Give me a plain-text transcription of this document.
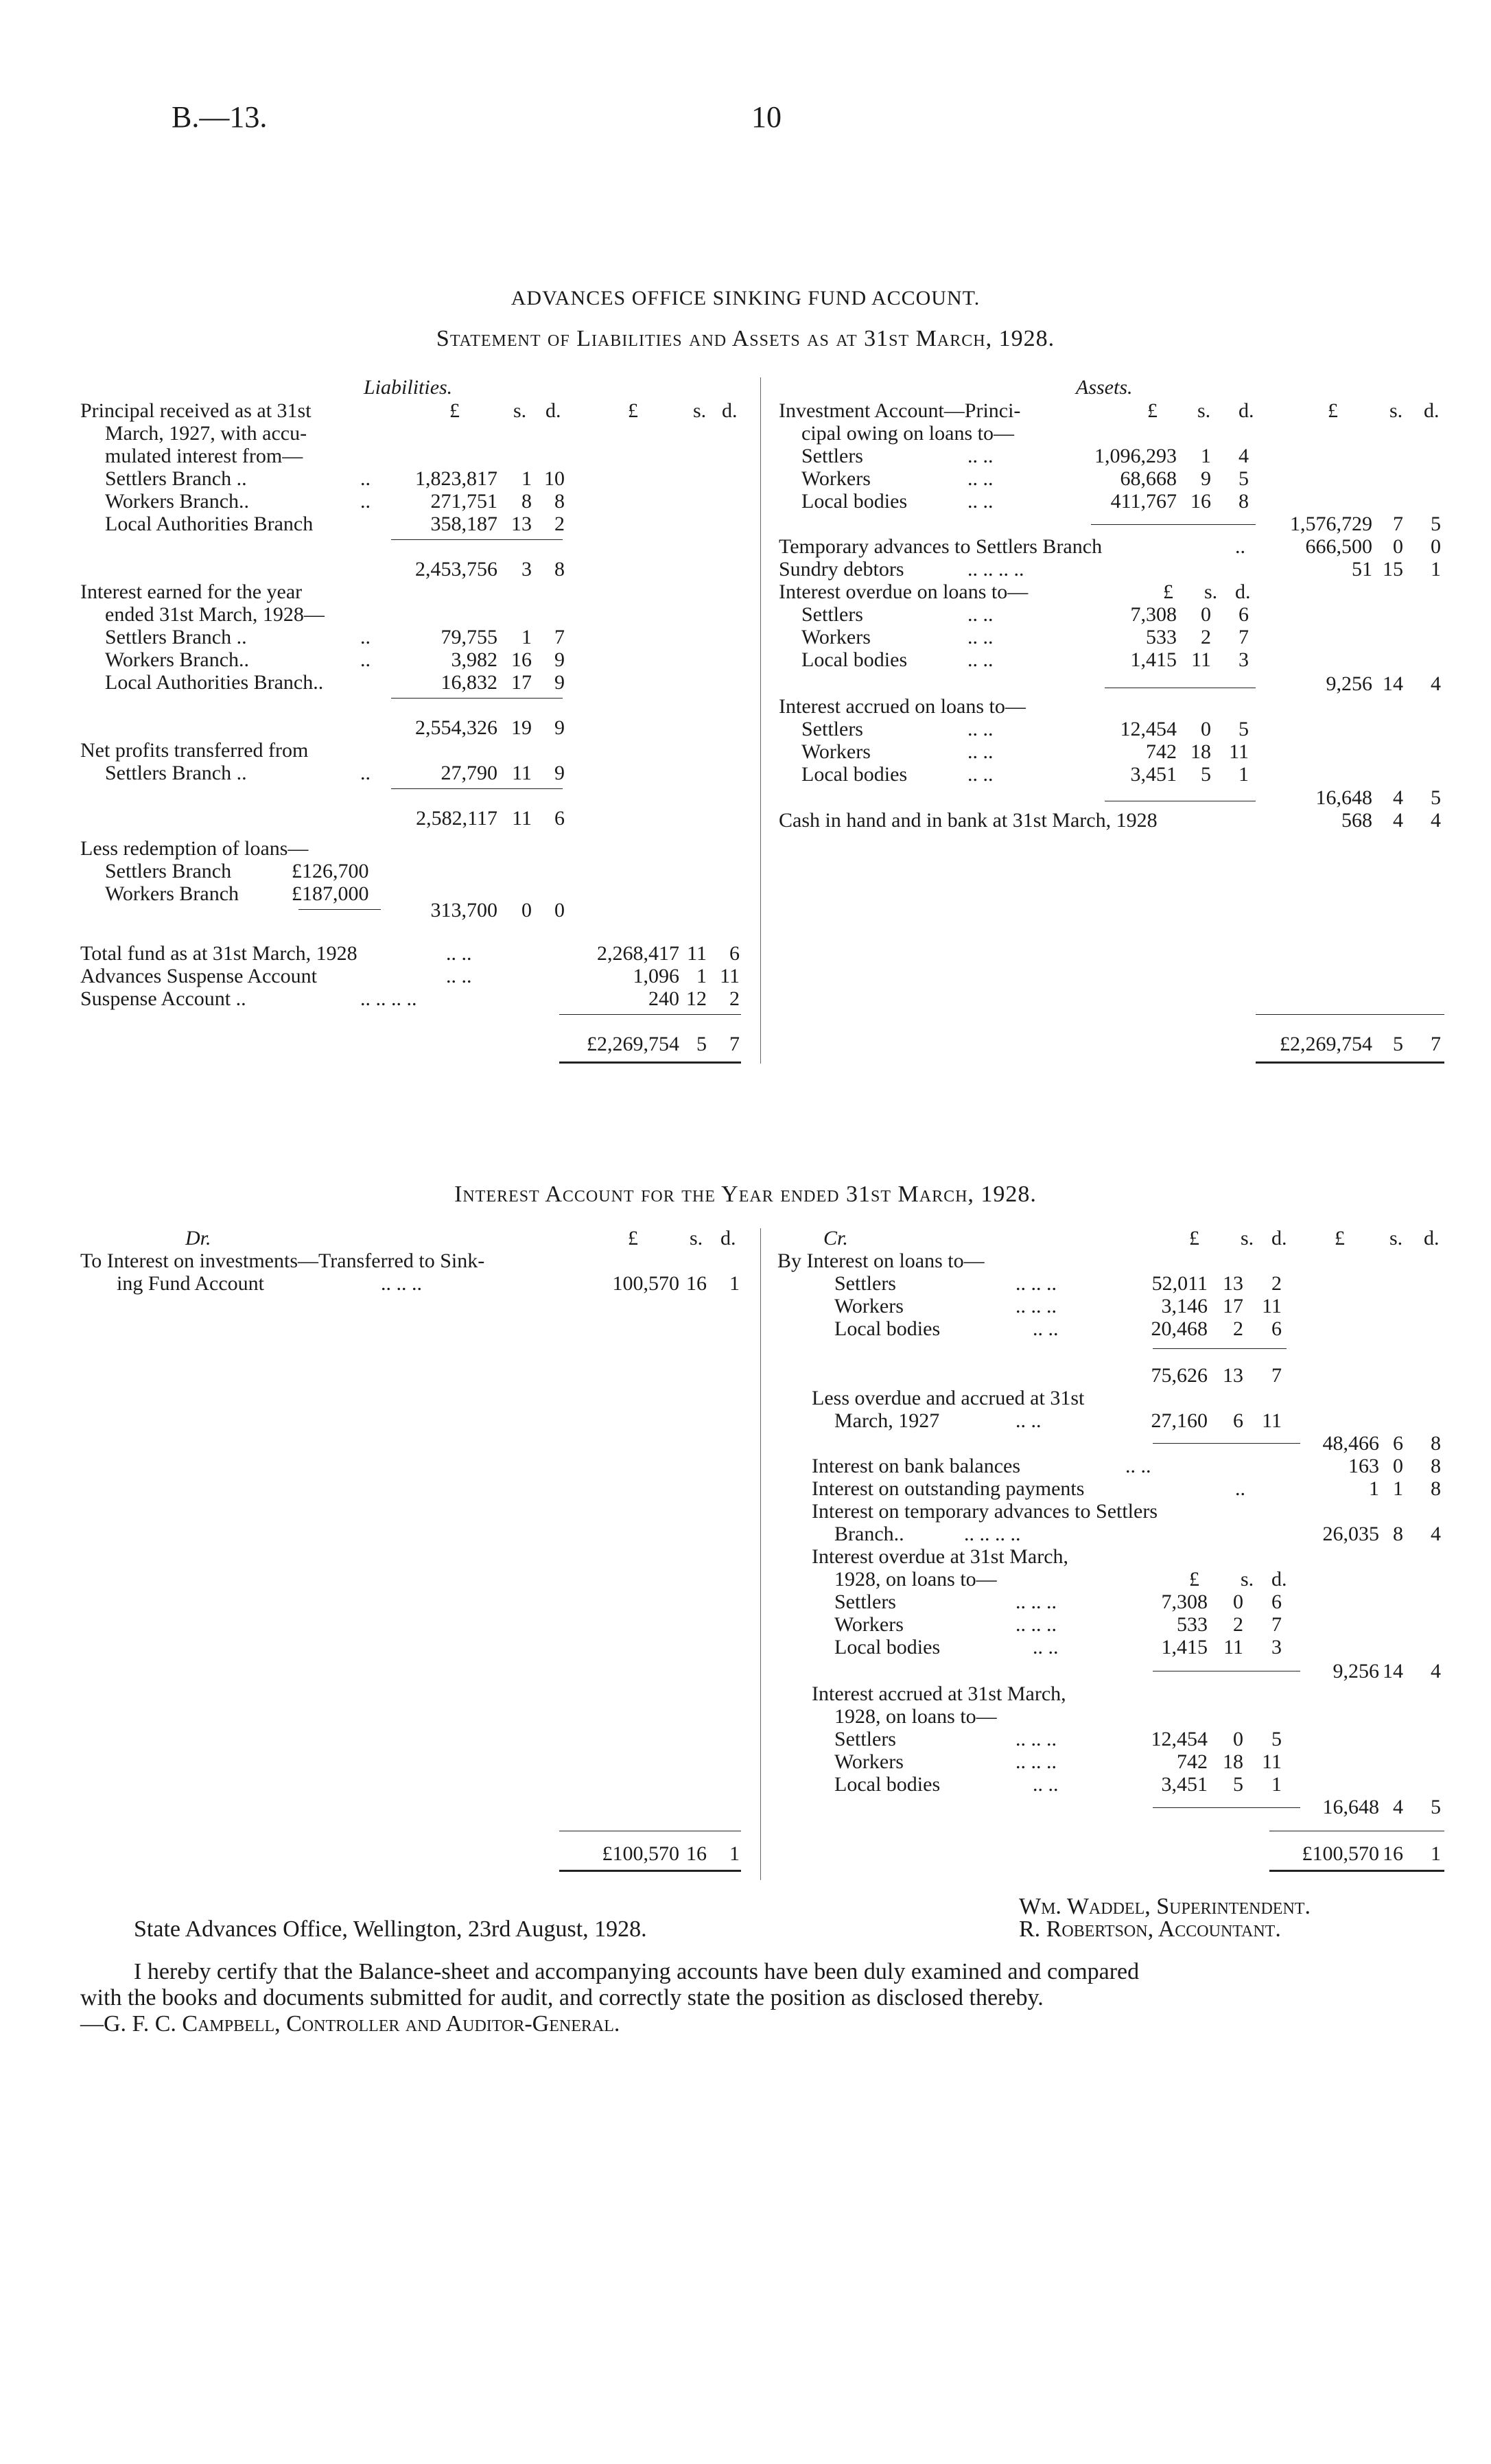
B.—13.	10
ADVANCES OFFICE SINKING FUND ACCOUNT.
Statement of Liabilities and Assets as at 31st March, 1928.
Liabilities.
£	s. d.	£	s. d.
Principal received as at 31st
March, 1927, with accu-
mulated interest from—
Settlers Branch ..	..	1,823,817	1 10
Workers Branch..	..	271,751	8	8
Local Authorities Branch	358,187 13	2
2,453,756	3	8
Interest earned for the year
ended 31st March, 1928—
Settlers Branch ..	..	79,755	1	7
Workers Branch..	..	3,982 16	9
Local Authorities Branch..	16,832 17	9
2,554,326 19	9
Net profits transferred from
Settlers Branch ..	..	27,790 11	9
2,582,117 11	6
Less redemption of loans—
Settlers Branch	£126,700
Workers Branch	£187,000
313,700	0	0
Total fund as at 31st March, 1928	.. ..	2,268,417 11	6
Advances Suspense Account	.. ..	1,096 1 11
Suspense Account ..	.. .. .. ..	240 12	2
£2,269,754 5	7
Assets.
£ s. d.	£	s. d.
Investment Account—Princi-
cipal owing on loans to—
Settlers	.. ..	1,096,293	1	4
Workers	.. ..	68,668	9	5
Local bodies	.. ..	411,767 16	8
1,576,729	7	5
Temporary advances to Settlers Branch	..	666,500	0	0
Sundry debtors	.. .. .. ..	51 15	1
Interest overdue on loans to—	£ s. d.
Settlers	.. ..	7,308	0	6
Workers	.. ..	533	2	7
Local bodies	.. ..	1,415 11	3
9,256 14	4
Interest accrued on loans to—
Settlers	.. ..	12,454	0	5
Workers	.. ..	742 18 11
Local bodies	.. ..	3,451	5	1
16,648	4	5
Cash in hand and in bank at 31st March, 1928	568	4	4
£2,269,754	5	7
Interest Account for the Year ended 31st March, 1928.
Dr.	£	s. d.
To Interest on investments—Transferred to Sink-
ing Fund Account	.. .. ..	100,570 16	1
£100,570 16	1
Cr.	£ s. d. £ s. d.
By Interest on loans to—
Settlers	.. .. ..	52,011 13	2
Workers	.. .. ..	3,146 17 11
Local bodies	.. ..	20,468	2	6
75,626 13	7
Less overdue and accrued at 31st
March, 1927	.. ..	27,160	6 11
48,466 6	8
Interest on bank balances	.. ..	163 0	8
Interest on outstanding payments	..	1 1	8
Interest on temporary advances to Settlers
Branch..	.. .. .. ..	26,035 8	4
Interest overdue at 31st March,
1928, on loans to—	£ s. d.
Settlers	.. .. ..	7,308	0	6
Workers	.. .. ..	533	2	7
Local bodies	.. ..	1,415 11	3
9,256 14	4
Interest accrued at 31st March,
1928, on loans to—
Settlers	.. .. ..	12,454	0	5
Workers	.. .. ..	742 18 11
Local bodies	.. ..	3,451	5	1
16,648 4	5
£100,570 16	1
Wm. Waddel, Superintendent.
State Advances Office, Wellington, 23rd August, 1928.	R. Robertson, Accountant.
I hereby certify that the Balance-sheet and accompanying accounts have been duly examined and compared
with the books and documents submitted for audit, and correctly state the position as disclosed thereby.
—G. F. C. Campbell, Controller and Auditor-General.
